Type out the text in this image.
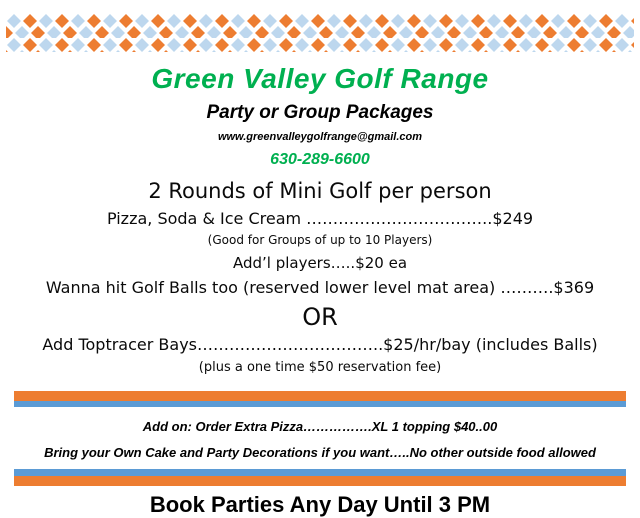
Green Valley Golf Range
Party or Group Packages
www.greenvalleygolfrange@gmail.com
630-289-6600
2 Rounds of Mini Golf per person
Pizza, Soda & Ice Cream ……………………………..$249
(Good for Groups of up to 10 Players)
Add’l players…..$20 ea
Wanna hit Golf Balls too (reserved lower level mat area) ……….$369
OR
Add Toptracer Bays……………………………..$25/hr/bay (includes Balls)
(plus a one time $50 reservation fee)
Add on: Order Extra Pizza…………….XL 1 topping $40..00
Bring your Own Cake and Party Decorations if you want…..No other outside food allowed
Book Parties Any Day Until 3 PM
